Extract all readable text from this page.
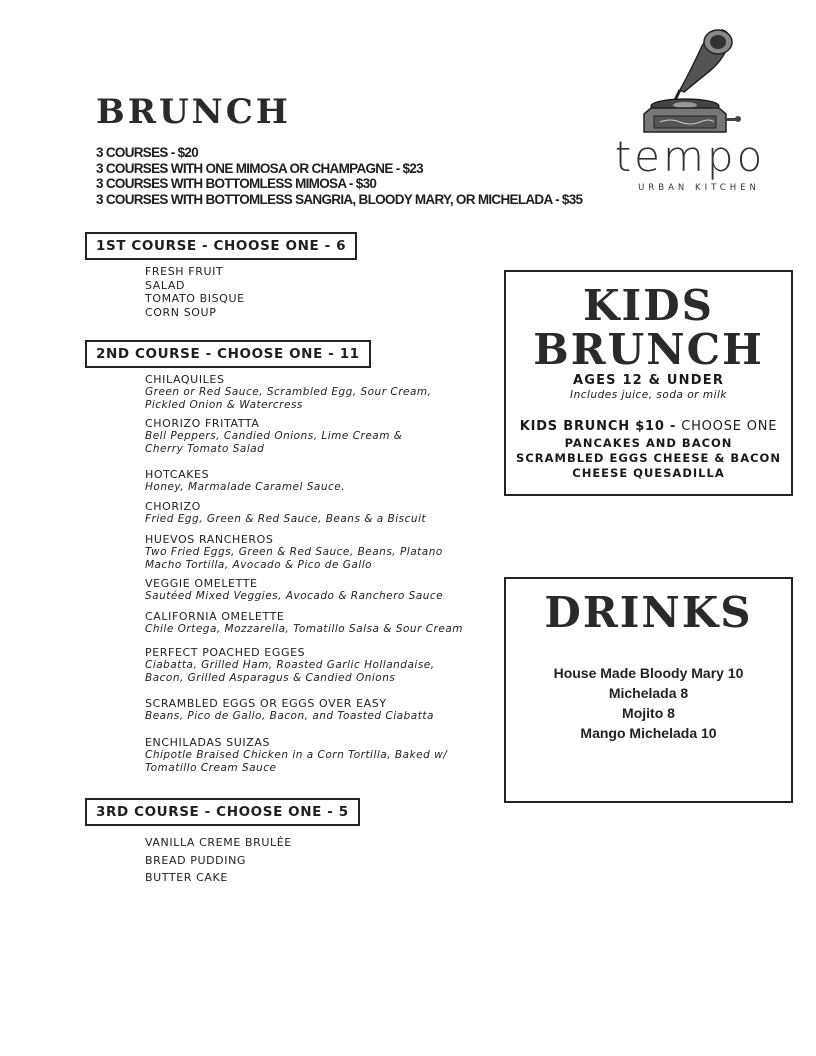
BRUNCH
3 COURSES - $20
3 COURSES WITH ONE MIMOSA OR CHAMPAGNE - $23
3 COURSES WITH BOTTOMLESS MIMOSA - $30
3 COURSES WITH BOTTOMLESS SANGRIA, BLOODY MARY, OR MICHELADA - $35
tempo
URBAN KITCHEN
1ST COURSE - CHOOSE ONE - 6
FRESH FRUIT
SALAD
TOMATO BISQUE
CORN SOUP
2ND COURSE - CHOOSE ONE - 11
CHILAQUILES
Green or Red Sauce, Scrambled Egg, Sour Cream, Pickled Onion & Watercress
CHORIZO FRITATTA
Bell Peppers, Candied Onions, Lime Cream & Cherry Tomato Salad
HOTCAKES
Honey, Marmalade Caramel Sauce.
CHORIZO
Fried Egg, Green & Red Sauce, Beans & a Biscuit
HUEVOS RANCHEROS
Two Fried Eggs, Green & Red Sauce, Beans, Platano Macho Tortilla, Avocado & Pico de Gallo
VEGGIE OMELETTE
Sautéed Mixed Veggies, Avocado & Ranchero Sauce
CALIFORNIA OMELETTE
Chile Ortega, Mozzarella, Tomatillo Salsa & Sour Cream
PERFECT POACHED EGGES
Ciabatta, Grilled Ham, Roasted Garlic Hollandaise, Bacon, Grilled Asparagus & Candied Onions
SCRAMBLED EGGS OR EGGS OVER EASY
Beans, Pico de Gallo, Bacon, and Toasted Ciabatta
ENCHILADAS SUIZAS
Chipotle Braised Chicken in a Corn Tortilla, Baked w/ Tomatillo Cream Sauce
3RD COURSE - CHOOSE ONE - 5
VANILLA CREME BRULÉE
BREAD PUDDING
BUTTER CAKE
KIDS
BRUNCH
AGES 12 & UNDER
Includes juice, soda or milk
KIDS BRUNCH $10 - CHOOSE ONE
PANCAKES AND BACON
SCRAMBLED EGGS CHEESE & BACON
CHEESE QUESADILLA
DRINKS
House Made Bloody Mary 10
Michelada 8
Mojito 8
Mango Michelada 10
